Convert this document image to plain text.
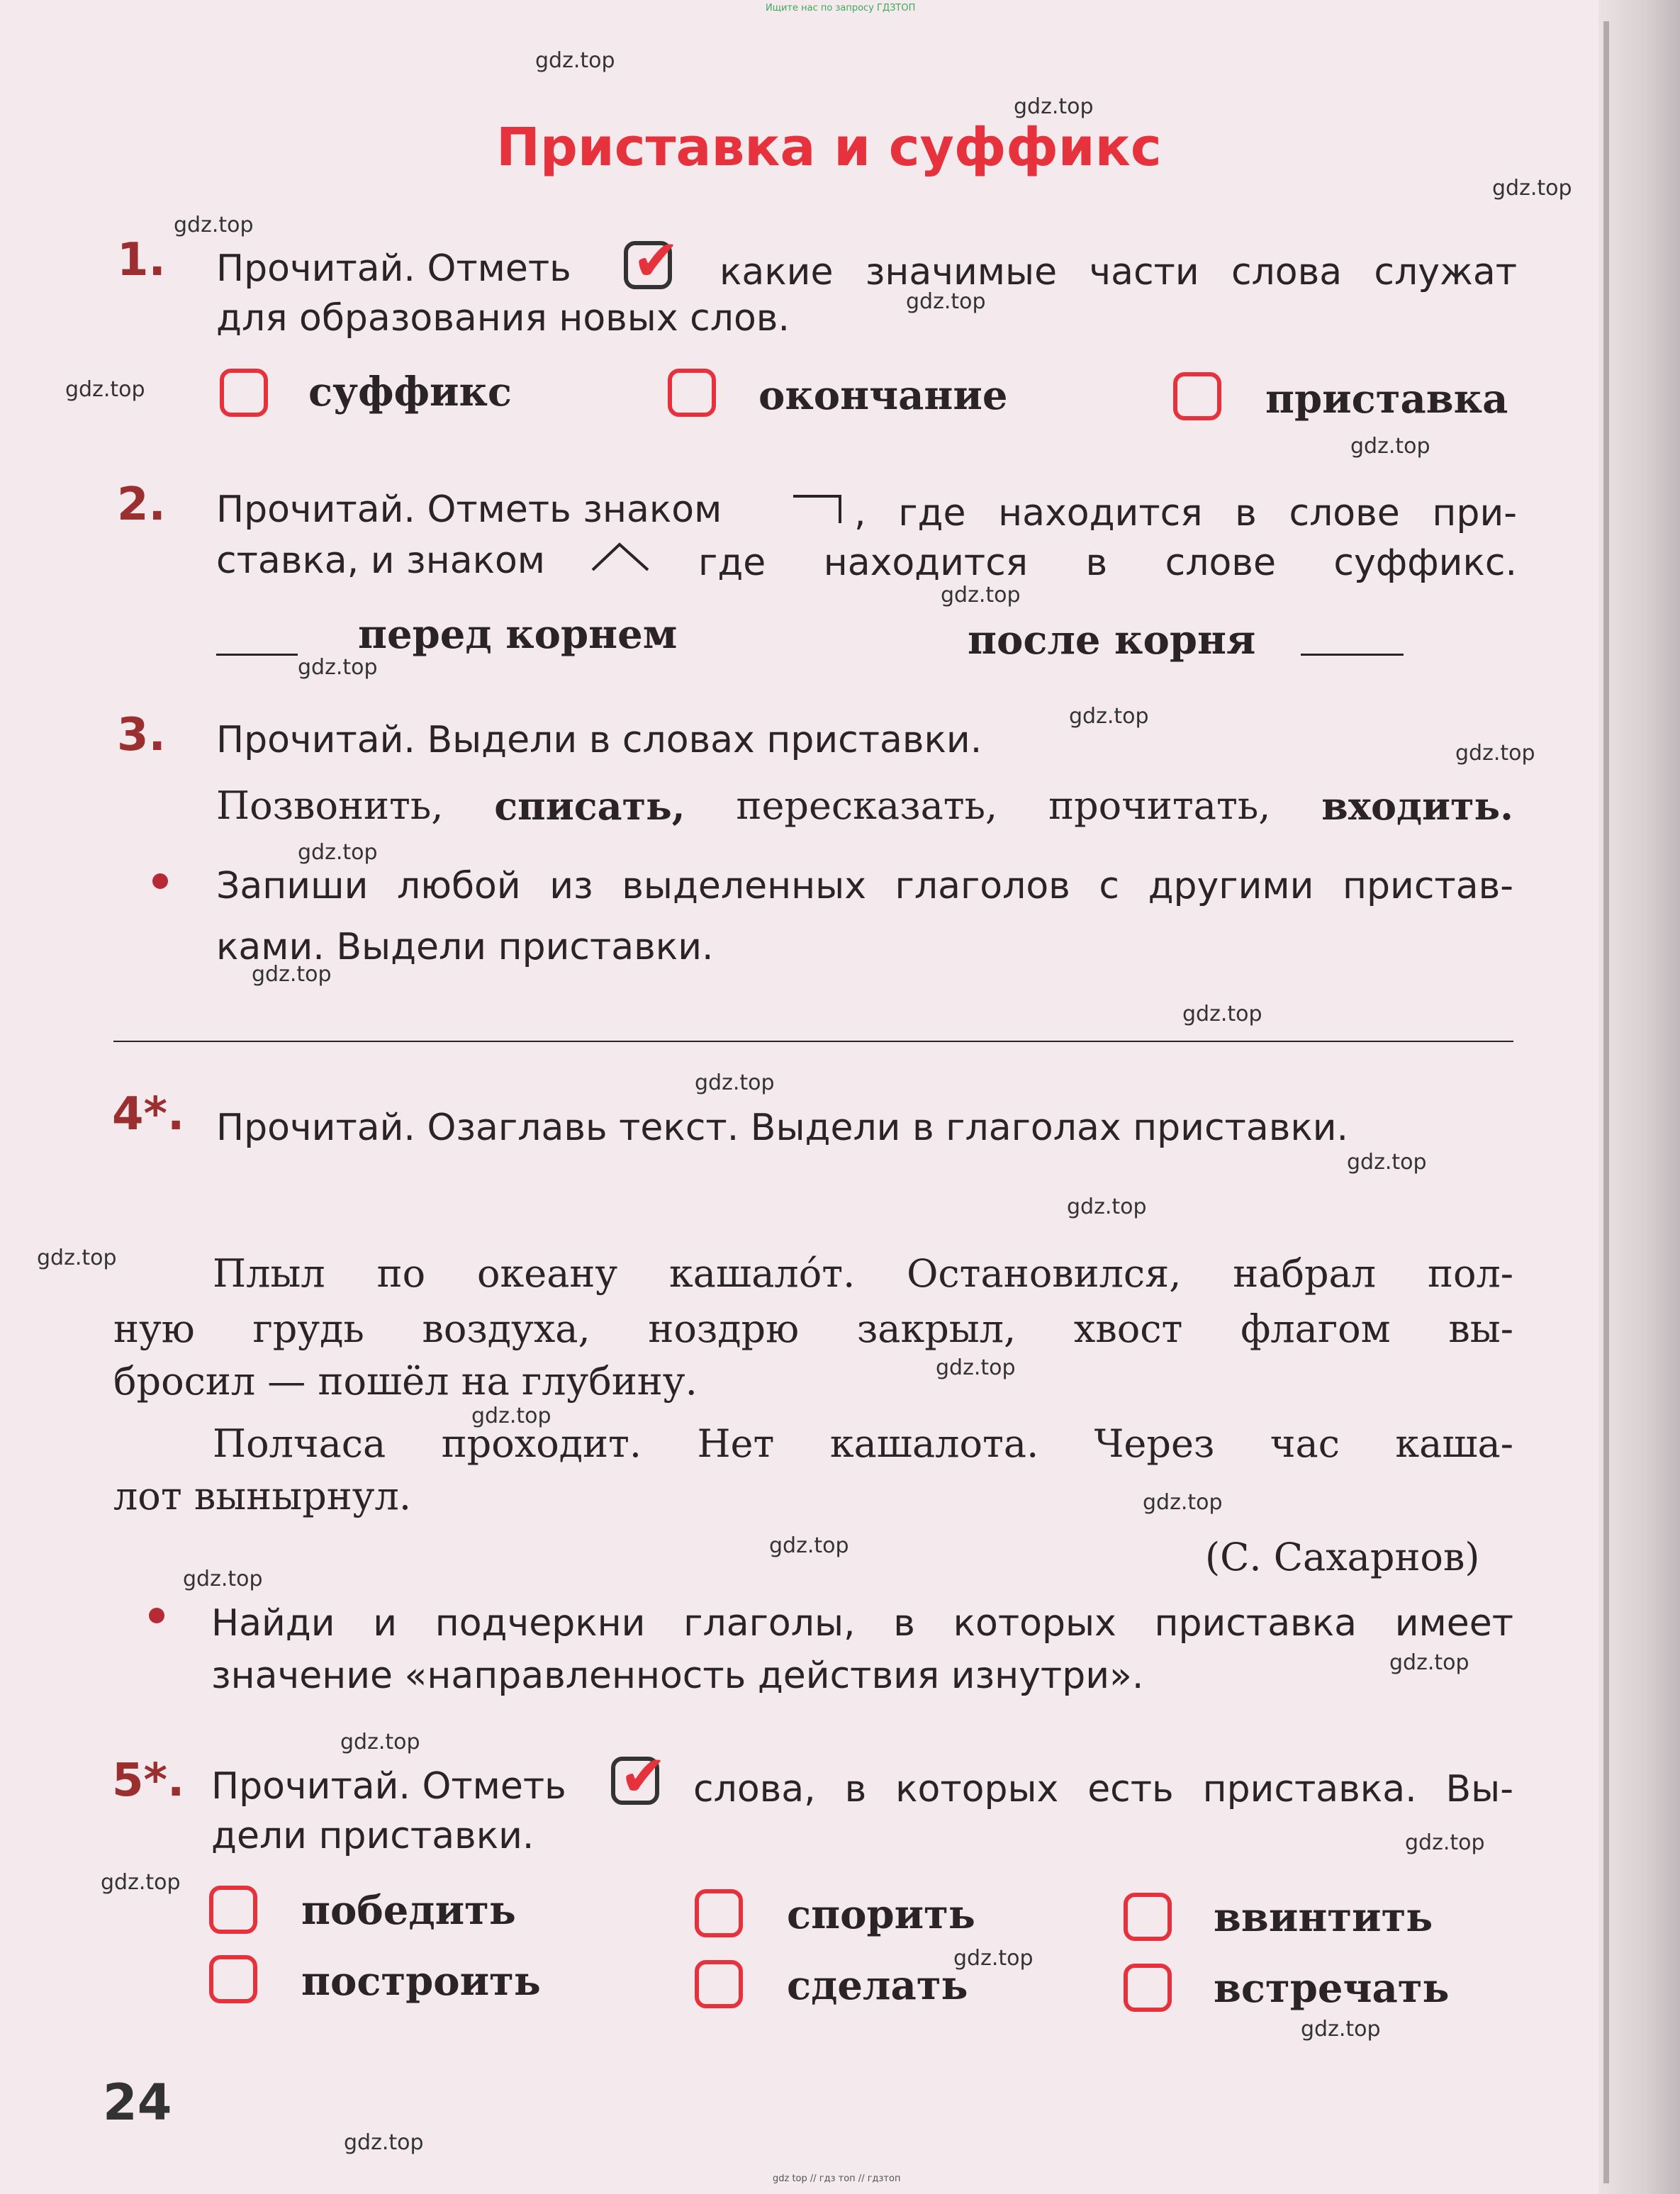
Ищите нас по запросу ГДЗТОП
Приставка и суффикс
1. Прочитай. Отметь ✔ какие значимые части слова служат
для образования новых слов.
суффикс	окончание	приставка
2. Прочитай. Отметь знаком	, где находится в слове при-
ставка, и знаком	где находится в слове суффикс.
перед корнем	после корня
3. Прочитай. Выдели в словах приставки.
Позвонить, списать, пересказать, прочитать, входить.
Запиши любой из выделенных глаголов с другими пристав-
ками. Выдели приставки.
4*. Прочитай. Озаглавь текст. Выдели в глаголах приставки.
Плыл по океану кашало́т. Остановился, набрал пол-
ную грудь воздуха, ноздрю закрыл, хвост флагом вы-
бросил — пошёл на глубину.
Полчаса проходит. Нет кашалота. Через час каша-
лот вынырнул.
(С. Сахарнов)
Найди и подчеркни глаголы, в которых приставка имеет
значение «направленность действия изнутри».
5*. Прочитай. Отметь ✔ слова, в которых есть приставка. Вы-
дели приставки.
победить	спорить	ввинтить
построить	сделать	встречать
24
gdz.top
gdz.top
gdz.top
gdz.top
gdz.top
gdz.top
gdz.top
gdz.top
gdz.top
gdz.top
gdz.top
gdz.top
gdz.top
gdz.top
gdz.top
gdz.top
gdz.top
gdz.top
gdz.top
gdz.top
gdz.top
gdz.top
gdz.top
gdz.top
gdz.top
gdz.top
gdz.top
gdz.top
gdz.top
gdz.top
gdz top // гдз топ // гдзтоп
